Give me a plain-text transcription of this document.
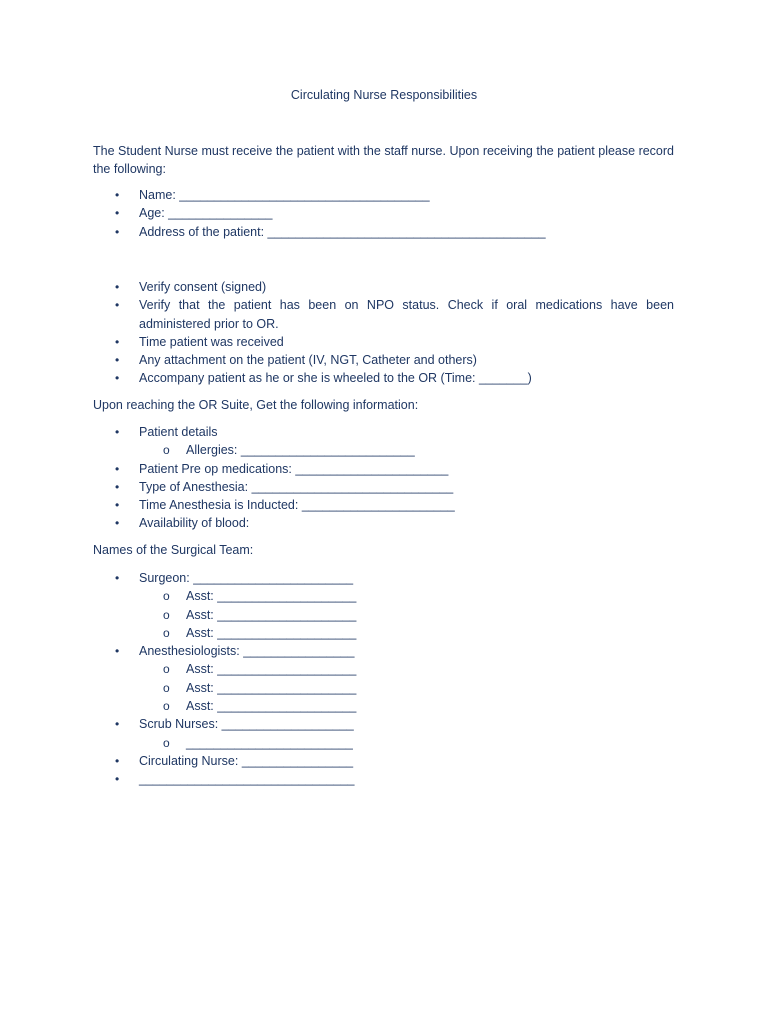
Circulating Nurse Responsibilities
The Student Nurse must receive the patient with the staff nurse. Upon receiving the patient please record the following:
• Name: ____________________________________
• Age: _______________
• Address of the patient: ________________________________________
• Verify consent (signed)
• Verify that the patient has been on NPO status. Check if oral medications have been administered prior to OR.
• Time patient was received
• Any attachment on the patient (IV, NGT, Catheter and others)
• Accompany patient as he or she is wheeled to the OR (Time: _______)
Upon reaching the OR Suite, Get the following information:
• Patient details
o Allergies: _________________________
• Patient Pre op medications: ______________________
• Type of Anesthesia: _____________________________
• Time Anesthesia is Inducted: ______________________
• Availability of blood:
Names of the Surgical Team:
• Surgeon: _______________________
o Asst: ____________________
o Asst: ____________________
o Asst: ____________________
• Anesthesiologists: ________________
o Asst: ____________________
o Asst: ____________________
o Asst: ____________________
• Scrub Nurses: ___________________
o ________________________
• Circulating Nurse: ________________
• _______________________________
